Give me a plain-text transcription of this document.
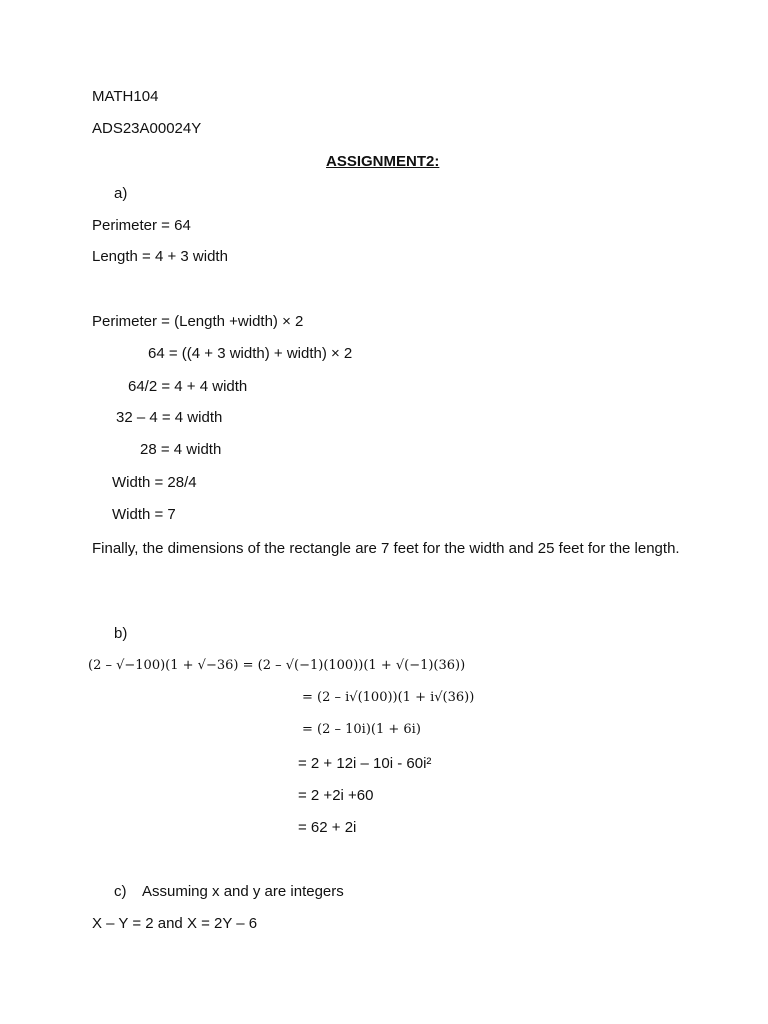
MATH104
ADS23A00024Y
ASSIGNMENT2:
a)
Perimeter = 64
Length = 4 + 3 width
Perimeter = (Length +width) × 2
64 = ((4 + 3 width) + width) × 2
64/2 = 4 + 4 width
32 – 4 = 4 width
28 = 4 width
Width = 28/4
Width = 7
Finally, the dimensions of the rectangle are 7 feet for the width and 25 feet for the length.
b)
(2 – √−100)(1 + √−36) = (2 – √(−1)(100))(1 + √(−1)(36))
= (2 – i√(100))(1 + i√(36))
= (2 – 10i)(1 + 6i)
= 2 + 12i – 10i - 60i²
= 2 +2i +60
= 62 + 2i
c) Assuming x and y are integers
X – Y = 2 and X = 2Y – 6
